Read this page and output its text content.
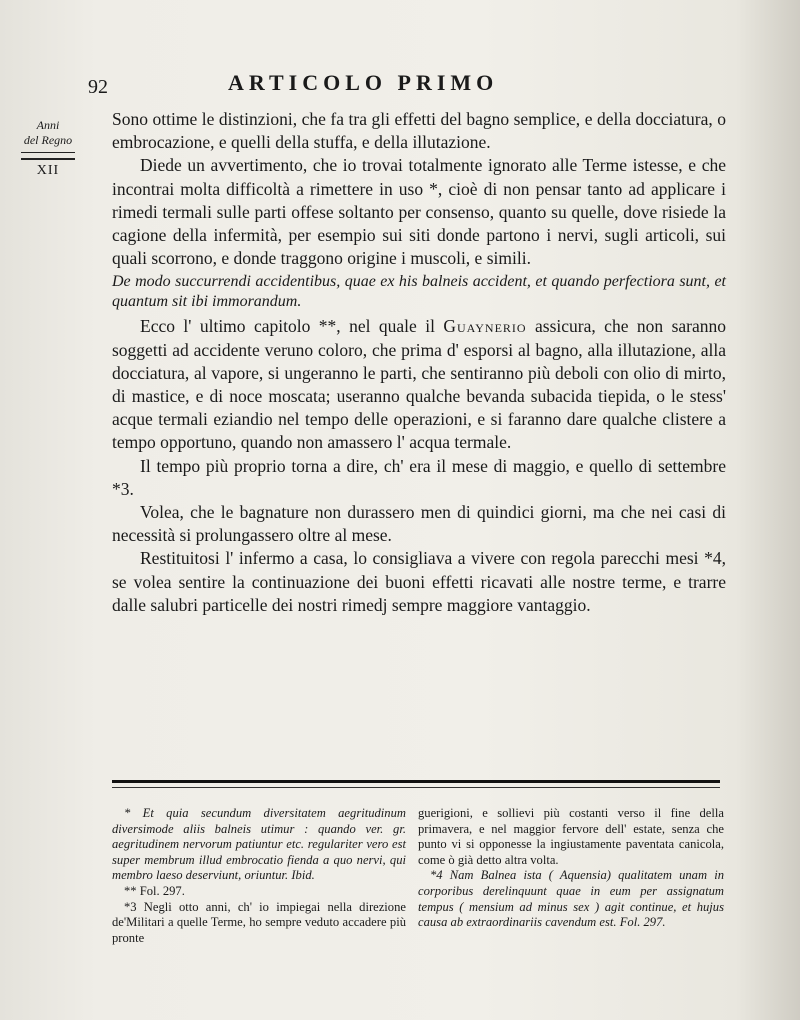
92	ARTICOLO PRIMO
Anni
del Regno
XII

Sono ottime le distinzioni, che fa tra gli effetti del bagno semplice, e della docciatura, o embrocazione, e quelli della stuffa, e della illutazione.

Diede un avvertimento, che io trovai totalmente ignorato alle Terme istesse, e che incontrai molta difficoltà a rimettere in uso *, cioè di non pensar tanto ad applicare i rimedi termali sulle parti offese soltanto per consenso, quanto su quelle, dove risiede la cagione della infermità, per esempio sui siti donde partono i nervi, sugli articoli, sui quali scorrono, e donde traggono origine i muscoli, e simili.

De modo succurrendi accidentibus, quae ex his balneis accident, et quando perfectiora sunt, et quantum sit ibi immorandum.

Ecco l' ultimo capitolo **, nel quale il Guaynerio assicura, che non saranno soggetti ad accidente veruno coloro, che prima d' esporsi al bagno, alla illutazione, alla docciatura, al vapore, si ungeranno le parti, che sentiranno più deboli con olio di mirto, di mastice, e di noce moscata; useranno qualche bevanda subacida tiepida, o le stess' acque termali eziandio nel tempo delle operazioni, e si faranno dare qualche clistere a tempo opportuno, quando non amassero l' acqua termale.

Il tempo più proprio torna a dire, ch' era il mese di maggio, e quello di settembre *3.

Volea, che le bagnature non durassero men di quindici giorni, ma che nei casi di necessità si prolungassero oltre al mese.

Restituitosi l' infermo a casa, lo consigliava a vivere con regola parecchi mesi *4, se volea sentire la continuazione dei buoni effetti ricavati alle nostre terme, e trarre dalle salubri particelle dei nostri rimedj sempre maggiore vantaggio.

* Et quia secundum diversitatem aegritudinum diversimode aliis balneis utimur : quando ver. gr. aegritudinem nervorum patiuntur etc. regulariter vero est super membrum illud embrocatio fienda a quo nervi, qui membro laeso deserviunt, oriuntur. Ibid.

** Fol. 297.

*3 Negli otto anni, ch' io impiegai nella direzione de'Militari a quelle Terme, ho sempre veduto accadere più pronte

guerigioni, e sollievi più costanti verso il fine della primavera, e nel maggior fervore dell' estate, senza che punto vi si opponesse la ingiustamente paventata canicola, come ò già detto altra volta.

*4 Nam Balnea ista ( Aquensia) qualitatem unam in corporibus derelinquunt quae in eum per assignatum tempus ( mensium ad minus sex ) agit continue, et hujus causa ab extraordinariis cavendum est. Fol. 297.
